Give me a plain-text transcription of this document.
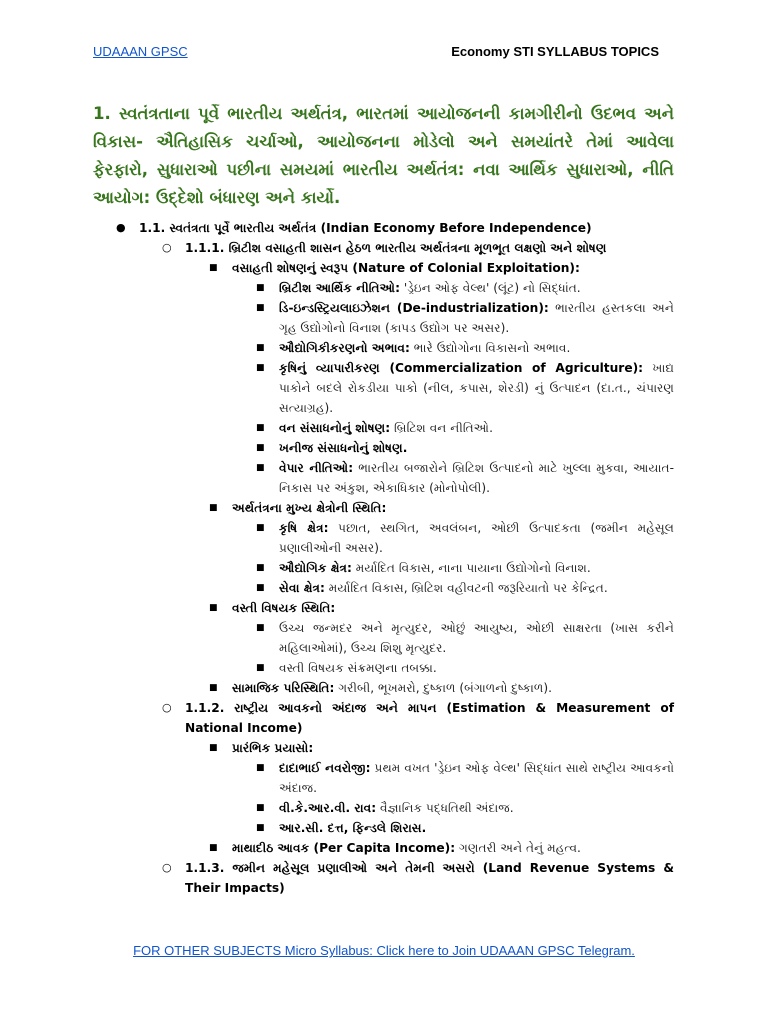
UDAAAN GPSC	Economy STI SYLLABUS TOPICS
1. સ્વતંત્રતાના પૂર્વે ભારતીય અર્થતંત્ર, ભારતમાં આયોજનની કામગીરીનો ઉદભવ અને વિકાસ- ઐતિહાસિક ચર્ચાઓ, આયોજનના મોડેલો અને સમયાંતરે તેમાં આવેલા ફેરફારો, સુધારાઓ પછીના સમયમાં ભારતીય અર્થતંત્ર: નવા આર્થિક સુધારાઓ, નીતિ આયોગ: ઉદ્દેશો બંધારણ અને કાર્યો.
● 1.1. સ્વતંત્રતા પૂર્વે ભારતીય અર્થતંત્ર (Indian Economy Before Independence)
○ 1.1.1. બ્રિટીશ વસાહતી શાસન હેઠળ ભારતીય અર્થતંત્રના મૂળભૂત લક્ષણો અને શોષણ
■ વસાહતી શોષણનું સ્વરૂપ (Nature of Colonial Exploitation):
■ બ્રિટીશ આર્થિક નીતિઓ: 'ડ્રેઇન ઓફ વેલ્થ' (લૂંટ) નો સિદ્ધાંત.
■ ડિ-ઇન્ડસ્ટ્રિયલાઇઝેશન (De-industrialization): ભારતીય હસ્તકલા અને ગૃહ ઉદ્યોગોનો વિનાશ (કાપડ ઉદ્યોગ પર અસર).
■ ઔદ્યોગિકીકરણનો અભાવ: ભારે ઉદ્યોગોના વિકાસનો અભાવ.
■ કૃષિનું વ્યાપારીકરણ (Commercialization of Agriculture): ખાદ્ય પાકોને બદલે રોકડીયા પાકો (નીલ, કપાસ, શેરડી) નું ઉત્પાદન (દા.ત., ચંપારણ સત્યાગ્રહ).
■ વન સંસાધનોનું શોષણ: બ્રિટિશ વન નીતિઓ.
■ ખનીજ સંસાધનોનું શોષણ.
■ વેપાર નીતિઓ: ભારતીય બજારોને બ્રિટિશ ઉત્પાદનો માટે ખુલ્લા મુકવા, આયાત-નિકાસ પર અંકુશ, એકાધિકાર (મોનોપોલી).
■ અર્થતંત્રના મુખ્ય ક્ષેત્રોની સ્થિતિ:
■ કૃષિ ક્ષેત્ર: પછાત, સ્થગિત, અવલંબન, ઓછી ઉત્પાદકતા (જમીન મહેસૂલ પ્રણાલીઓની અસર).
■ ઔદ્યોગિક ક્ષેત્ર: મર્યાદિત વિકાસ, નાના પાયાના ઉદ્યોગોનો વિનાશ.
■ સેવા ક્ષેત્ર: મર્યાદિત વિકાસ, બ્રિટિશ વહીવટની જરૂરિયાતો પર કેન્દ્રિત.
■ વસ્તી વિષયક સ્થિતિ:
■ ઉચ્ચ જન્મદર અને મૃત્યુદર, ઓછું આયુષ્ય, ઓછી સાક્ષરતા (ખાસ કરીને મહિલાઓમાં), ઉચ્ચ શિશુ મૃત્યુદર.
■ વસ્તી વિષયક સંક્રમણના તબક્કા.
■ સામાજિક પરિસ્થિતિ: ગરીબી, ભૂખમરો, દુષ્કાળ (બંગાળનો દુષ્કાળ).
○ 1.1.2. રાષ્ટ્રીય આવકનો અંદાજ અને માપન (Estimation & Measurement of National Income)
■ પ્રારંભિક પ્રયાસો:
■ દાદાભાઈ નવરોજી: પ્રથમ વખત 'ડ્રેઇન ઓફ વેલ્થ' સિદ્ધાંત સાથે રાષ્ટ્રીય આવકનો અંદાજ.
■ વી.કે.આર.વી. રાવ: વૈજ્ઞાનિક પદ્ધતિથી અંદાજ.
■ આર.સી. દત્ત, ફિન્ડલે શિરાસ.
■ માથાદીઠ આવક (Per Capita Income): ગણતરી અને તેનું મહત્વ.
○ 1.1.3. જમીન મહેસૂલ પ્રણાલીઓ અને તેમની અસરો (Land Revenue Systems & Their Impacts)
FOR OTHER SUBJECTS Micro Syllabus: Click here to Join UDAAAN GPSC Telegram.
